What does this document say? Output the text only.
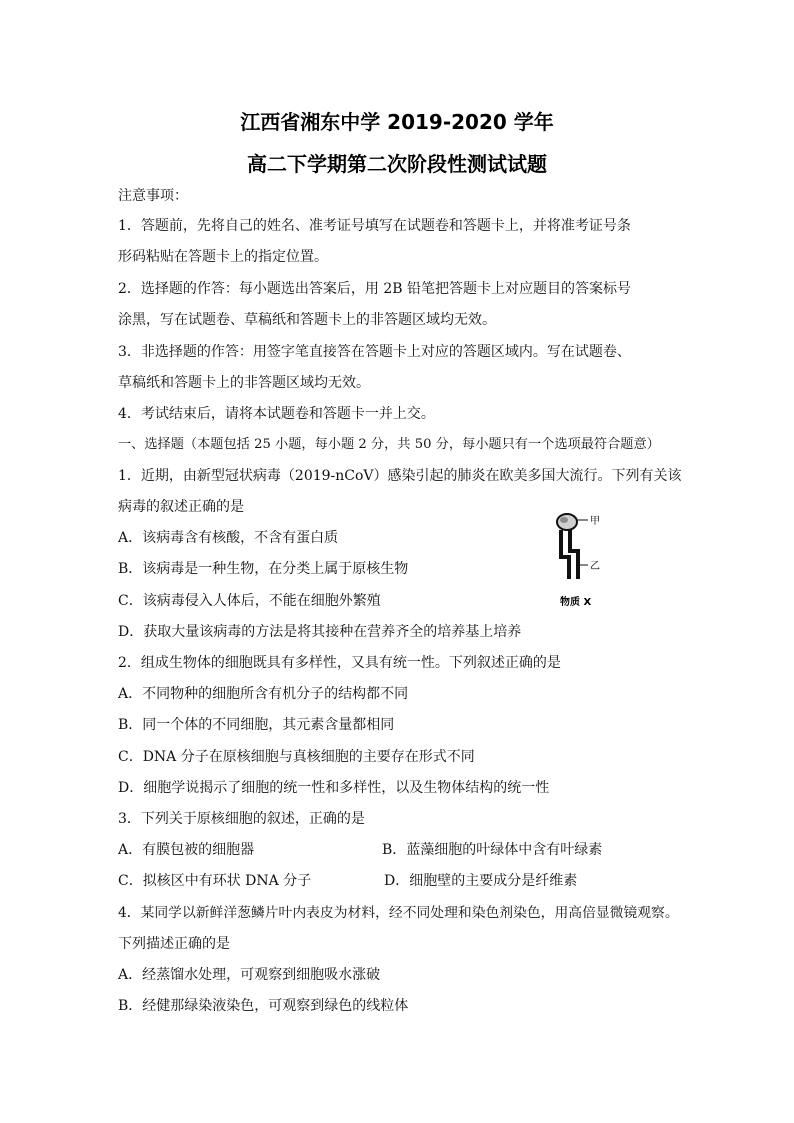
江西省湘东中学 2019-2020 学年
高二下学期第二次阶段性测试试题
注意事项：
1．答题前，先将自己的姓名、准考证号填写在试题卷和答题卡上，并将准考证号条
形码粘贴在答题卡上的指定位置。
2．选择题的作答：每小题选出答案后，用 2B 铅笔把答题卡上对应题目的答案标号
涂黑，写在试题卷、草稿纸和答题卡上的非答题区域均无效。
3．非选择题的作答：用签字笔直接答在答题卡上对应的答题区域内。写在试题卷、
草稿纸和答题卡上的非答题区域均无效。
4．考试结束后，请将本试题卷和答题卡一并上交。
一、选择题（本题包括 25 小题，每小题 2 分，共 50 分，每小题只有一个选项最符合题意）
1．近期，由新型冠状病毒（2019-nCoV）感染引起的肺炎在欧美多国大流行。下列有关该
病毒的叙述正确的是
A．该病毒含有核酸，不含有蛋白质
B．该病毒是一种生物，在分类上属于原核生物
C．该病毒侵入人体后，不能在细胞外繁殖
D．获取大量该病毒的方法是将其接种在营养齐全的培养基上培养
甲
乙
物质 X
2．组成生物体的细胞既具有多样性，又具有统一性。下列叙述正确的是
A．不同物种的细胞所含有机分子的结构都不同
B．同一个体的不同细胞，其元素含量都相同
C．DNA 分子在原核细胞与真核细胞的主要存在形式不同
D．细胞学说揭示了细胞的统一性和多样性，以及生物体结构的统一性
3．下列关于原核细胞的叙述，正确的是
A．有膜包被的细胞器	B．蓝藻细胞的叶绿体中含有叶绿素
C．拟核区中有环状 DNA 分子	D．细胞壁的主要成分是纤维素
4．某同学以新鲜洋葱鳞片叶内表皮为材料，经不同处理和染色剂染色，用高倍显微镜观察。
下列描述正确的是
A．经蒸馏水处理，可观察到细胞吸水涨破
B．经健那绿染液染色，可观察到绿色的线粒体
